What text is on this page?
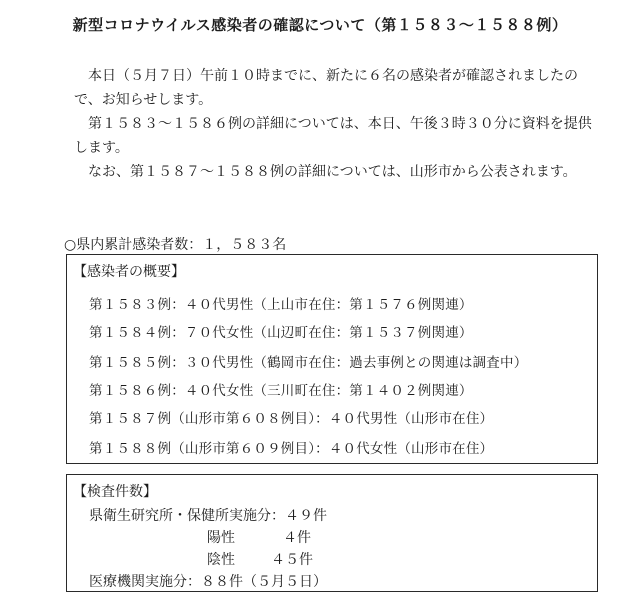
新型コロナウイルス感染者の確認について（第１５８３～１５８８例）

本日（５月７日）午前１０時までに、新たに６名の感染者が確認されましたので、お知らせします。

第１５８３～１５８６例の詳細については、本日、午後３時３０分に資料を提供します。

なお、第１５８７～１５８８例の詳細については、山形市から公表されます。

○県内累計感染者数：１，５８３名
【感染者の概要】
第１５８３例：４０代男性（上山市在住：第１５７６例関連）
第１５８４例：７０代女性（山辺町在住：第１５３７例関連）
第１５８５例：３０代男性（鶴岡市在住：過去事例との関連は調査中）
第１５８６例：４０代女性（三川町在住：第１４０２例関連）
第１５８７例（山形市第６０８例目）：４０代男性（山形市在住）
第１５８８例（山形市第６０９例目）：４０代女性（山形市在住）
【検査件数】
県衛生研究所・保健所実施分：４９件
陽性	４件
陰性	４５件
医療機関実施分：８８件（５月５日）
